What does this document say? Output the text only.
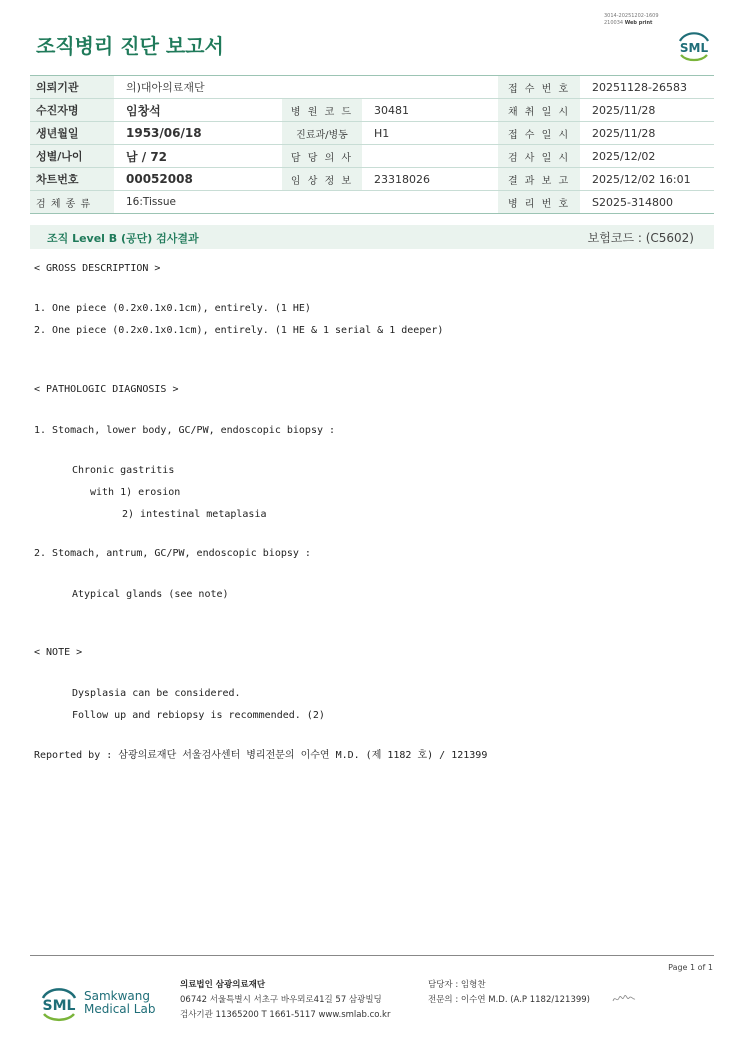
조직병리 진단 보고서
3014-20251202-1609
210034 Web print
SML
의뢰기관	의)대아의료재단			접 수 번 호	20251128-26583
수진자명	임창석	병 원 코 드	30481	채 취 일 시	2025/11/28
생년월일	1953/06/18	진료과/병동	H1	접 수 일 시	2025/11/28
성별/나이	남 / 72	담 당 의 사		검 사 일 시	2025/12/02
차트번호	00052008	임 상 정 보	23318026	결 과 보 고	2025/12/02 16:01
검 체 종 류	16:Tissue			병 리 번 호	S2025-314800
조직 Level B (공단) 검사결과	보험코드 : (C5602)
< GROSS DESCRIPTION >
1. One piece (0.2x0.1x0.1cm), entirely. (1 HE)
2. One piece (0.2x0.1x0.1cm), entirely. (1 HE & 1 serial & 1 deeper)
< PATHOLOGIC DIAGNOSIS >
1. Stomach, lower body, GC/PW, endoscopic biopsy :
Chronic gastritis
with 1) erosion
2) intestinal metaplasia
2. Stomach, antrum, GC/PW, endoscopic biopsy :
Atypical glands (see note)
< NOTE >
Dysplasia can be considered.
Follow up and rebiopsy is recommended. (2)
Reported by : 삼광의료재단 서울검사센터 병리전문의 이수연 M.D. (제 1182 호) / 121399
Page 1 of 1
SML
Samkwang
Medical Lab
의료법인 삼광의료재단
06742 서울특별시 서초구 바우뫼로41길 57 삼광빌딩
검사기관 11365200 T 1661-5117 www.smlab.co.kr
담당자 : 임형찬
전문의 : 이수연 M.D. (A.P 1182/121399)
